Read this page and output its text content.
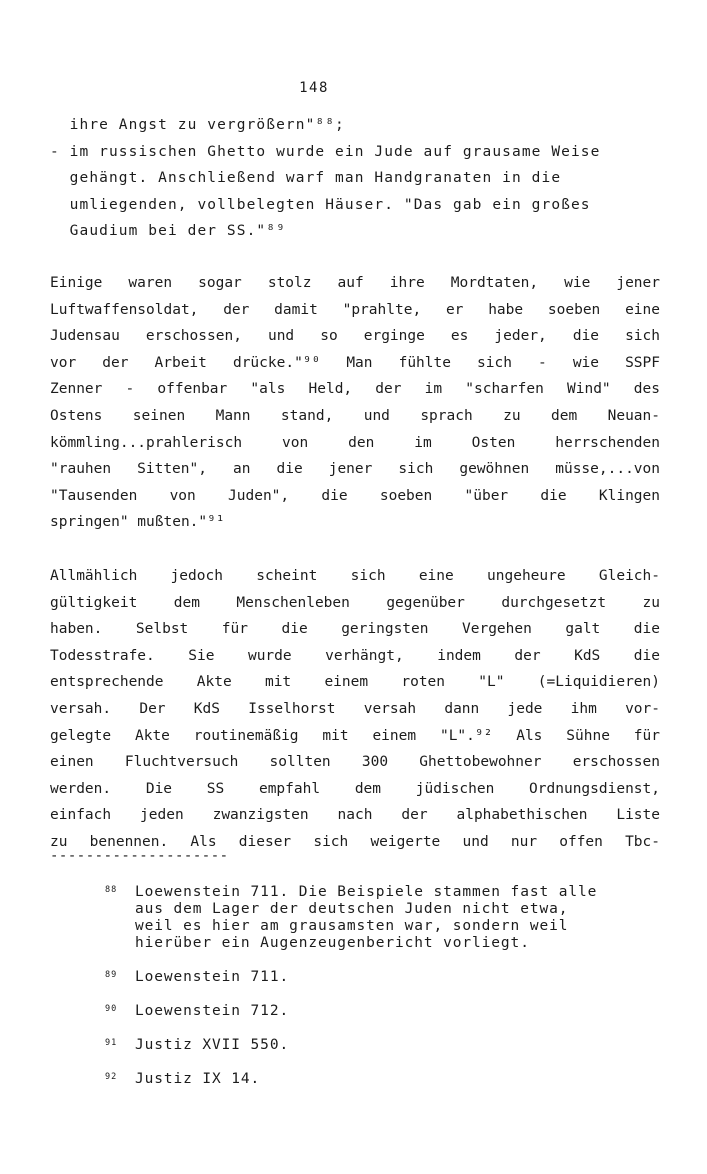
148
ihre Angst zu vergrößern"⁸⁸;
- im russischen Ghetto wurde ein Jude auf grausame Weise
gehängt. Anschließend warf man Handgranaten in die
umliegenden, vollbelegten Häuser. "Das gab ein großes
Gaudium bei der SS."⁸⁹
Einige waren sogar stolz auf ihre Mordtaten, wie jener
Luftwaffensoldat, der damit "prahlte, er habe soeben eine
Judensau erschossen, und so erginge es jeder, die sich
vor der Arbeit drücke."⁹⁰ Man fühlte sich - wie SSPF
Zenner - offenbar "als Held, der im "scharfen Wind" des
Ostens seinen Mann stand, und sprach zu dem Neuan-
kömmling...prahlerisch von den im Osten herrschenden
"rauhen Sitten", an die jener sich gewöhnen müsse,...von
"Tausenden von Juden", die soeben "über die Klingen
springen" mußten."⁹¹
Allmählich jedoch scheint sich eine ungeheure Gleich-
gültigkeit dem Menschenleben gegenüber durchgesetzt zu
haben. Selbst für die geringsten Vergehen galt die
Todesstrafe. Sie wurde verhängt, indem der KdS die
entsprechende Akte mit einem roten "L" (=Liquidieren)
versah. Der KdS Isselhorst versah dann jede ihm vor-
gelegte Akte routinemäßig mit einem "L".⁹² Als Sühne für
einen Fluchtversuch sollten 300 Ghettobewohner erschossen
werden. Die SS empfahl dem jüdischen Ordnungsdienst,
einfach jeden zwanzigsten nach der alphabethischen Liste
zu benennen. Als dieser sich weigerte und nur offen Tbc-
--------------------
88 Loewenstein 711. Die Beispiele stammen fast alle
aus dem Lager der deutschen Juden nicht etwa,
weil es hier am grausamsten war, sondern weil
hierüber ein Augenzeugenbericht vorliegt.
89 Loewenstein 711.
90 Loewenstein 712.
91 Justiz XVII 550.
92 Justiz IX 14.
